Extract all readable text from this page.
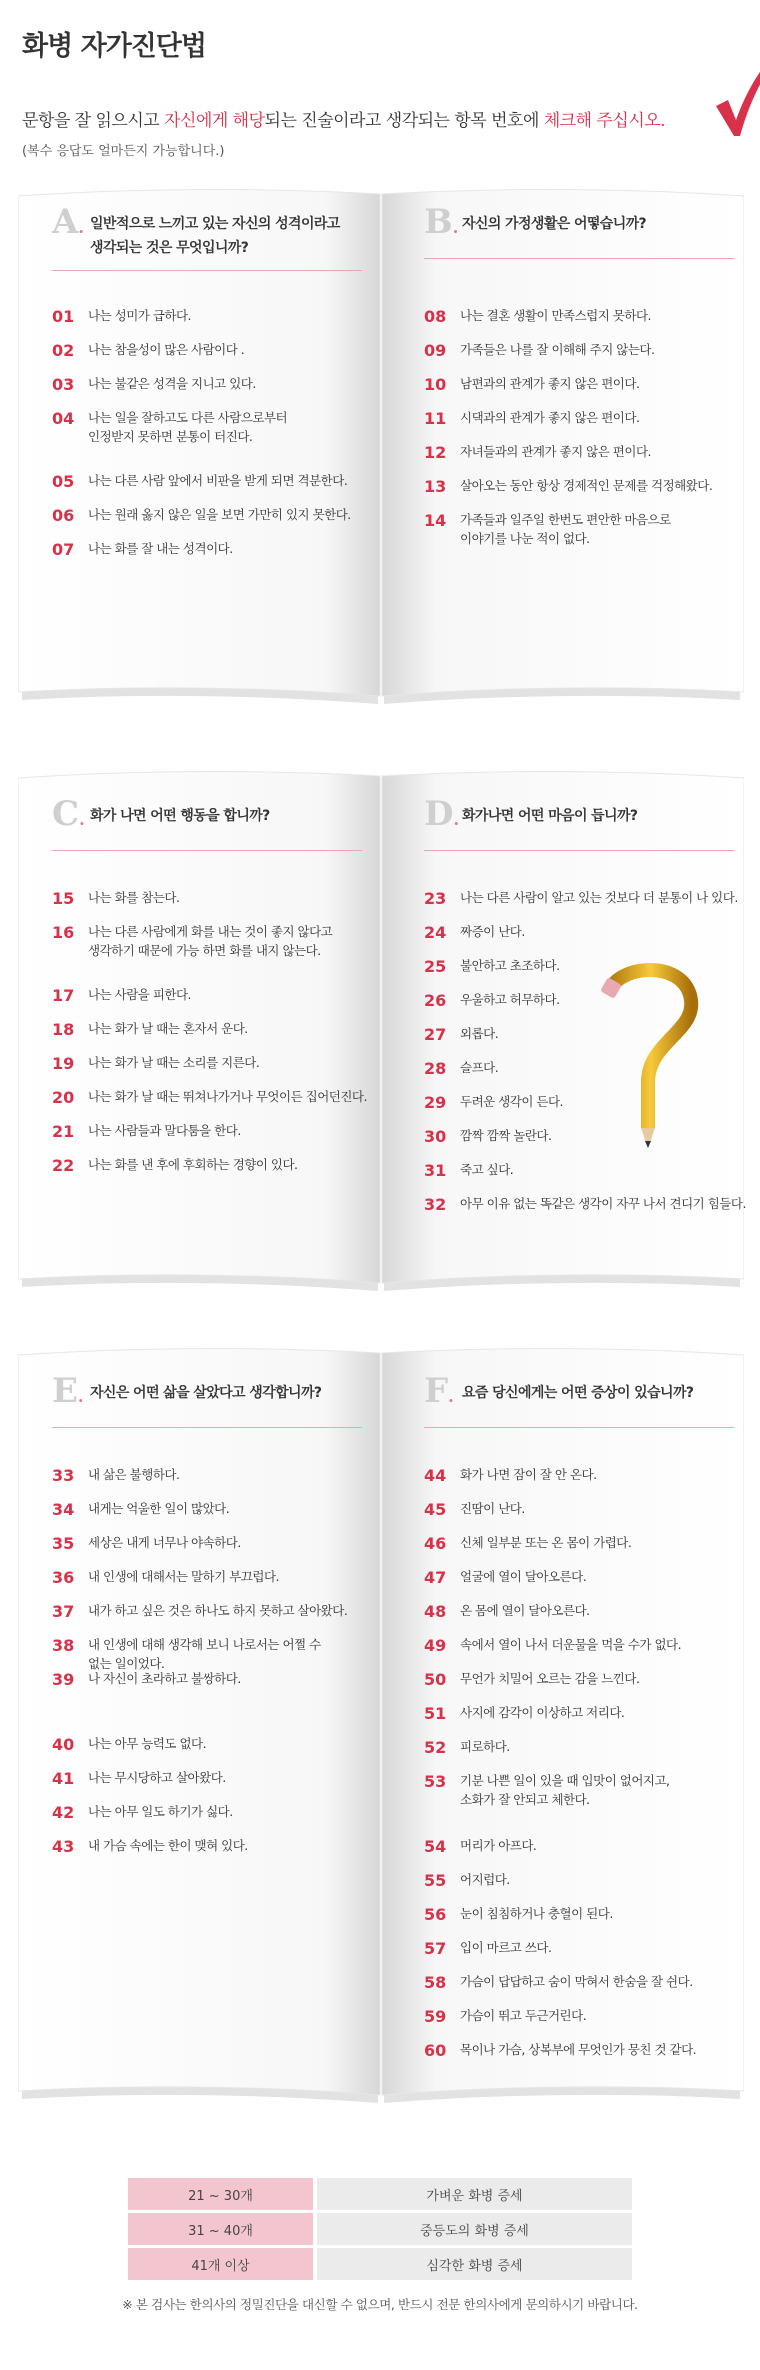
화병 자가진단법
문항을 잘 읽으시고 자신에게 해당되는 진술이라고 생각되는 항목 번호에 체크해 주십시오.
(복수 응답도 얼마든지 가능합니다.)
A. 일반적으로 느끼고 있는 자신의 성격이라고
생각되는 것은 무엇입니까?
01	나는 성미가 급하다.
02	나는 참을성이 많은 사람이다 .
03	나는 불같은 성격을 지니고 있다.
04	나는 일을 잘하고도 다른 사람으로부터
인정받지 못하면 분통이 터진다.
05	나는 다른 사람 앞에서 비판을 받게 되면 격분한다.
06	나는 원래 옳지 않은 일을 보면 가만히 있지 못한다.
07	나는 화를 잘 내는 성격이다.
B. 자신의 가정생활은 어떻습니까?
08	나는 결혼 생활이 만족스럽지 못하다.
09	가족들은 나를 잘 이해해 주지 않는다.
10	남편과의 관계가 좋지 않은 편이다.
11	시댁과의 관계가 좋지 않은 편이다.
12	자녀들과의 관계가 좋지 않은 편이다.
13	살아오는 동안 항상 경제적인 문제를 걱정해왔다.
14	가족들과 일주일 한번도 편안한 마음으로
이야기를 나눈 적이 없다.
C. 화가 나면 어떤 행동을 합니까?
15	나는 화를 참는다.
16	나는 다른 사람에게 화를 내는 것이 좋지 않다고
생각하기 때문에 가능 하면 화를 내지 않는다.
17	나는 사람을 피한다.
18	나는 화가 날 때는 혼자서 운다.
19	나는 화가 날 때는 소리를 지른다.
20	나는 화가 날 때는 뛰쳐나가거나 무엇이든 집어던진다.
21	나는 사람들과 말다툼을 한다.
22	나는 화를 낸 후에 후회하는 경향이 있다.
D. 화가나면 어떤 마음이 듭니까?
23	나는 다른 사람이 알고 있는 것보다 더 분통이 나 있다.
24	짜증이 난다.
25	불안하고 초조하다.
26	우울하고 허무하다.
27	외롭다.
28	슬프다.
29	두려운 생각이 든다.
30	깜짝 깜짝 놀란다.
31	죽고 싶다.
32	아무 이유 없는 똑같은 생각이 자꾸 나서 견디기 힘들다.
E. 자신은 어떤 삶을 살았다고 생각합니까?
33	내 삶은 불행하다.
34	내게는 억울한 일이 많았다.
35	세상은 내게 너무나 야속하다.
36	내 인생에 대해서는 말하기 부끄럽다.
37	내가 하고 싶은 것은 하나도 하지 못하고 살아왔다.
38	내 인생에 대해 생각해 보니 나로서는 어쩔 수
없는 일이었다.
39	나 자신이 초라하고 불쌍하다.
40	나는 아무 능력도 없다.
41	나는 무시당하고 살아왔다.
42	나는 아무 일도 하기가 싫다.
43	내 가슴 속에는 한이 맺혀 있다.
F. 요즘 당신에게는 어떤 증상이 있습니까?
44	화가 나면 잠이 잘 안 온다.
45	진땀이 난다.
46	신체 일부분 또는 온 몸이 가렵다.
47	얼굴에 열이 달아오른다.
48	온 몸에 열이 달아오른다.
49	속에서 열이 나서 더운물을 먹을 수가 없다.
50	무언가 치밀어 오르는 감을 느낀다.
51	사지에 감각이 이상하고 저리다.
52	피로하다.
53	기분 나쁜 일이 있을 때 입맛이 없어지고,
소화가 잘 안되고 체한다.
54	머리가 아프다.
55	어지럽다.
56	눈이 침침하거나 충혈이 된다.
57	입이 마르고 쓰다.
58	가슴이 답답하고 숨이 막혀서 한숨을 잘 쉰다.
59	가슴이 뛰고 두근거린다.
60	목이나 가슴, 상복부에 무엇인가 뭉친 것 같다.
21 ~ 30개	가벼운 화병 증세
31 ~ 40개	중등도의 화병 증세
41개 이상	심각한 화병 증세
※ 본 검사는 한의사의 정밀진단을 대신할 수 없으며, 반드시 전문 한의사에게 문의하시기 바랍니다.
